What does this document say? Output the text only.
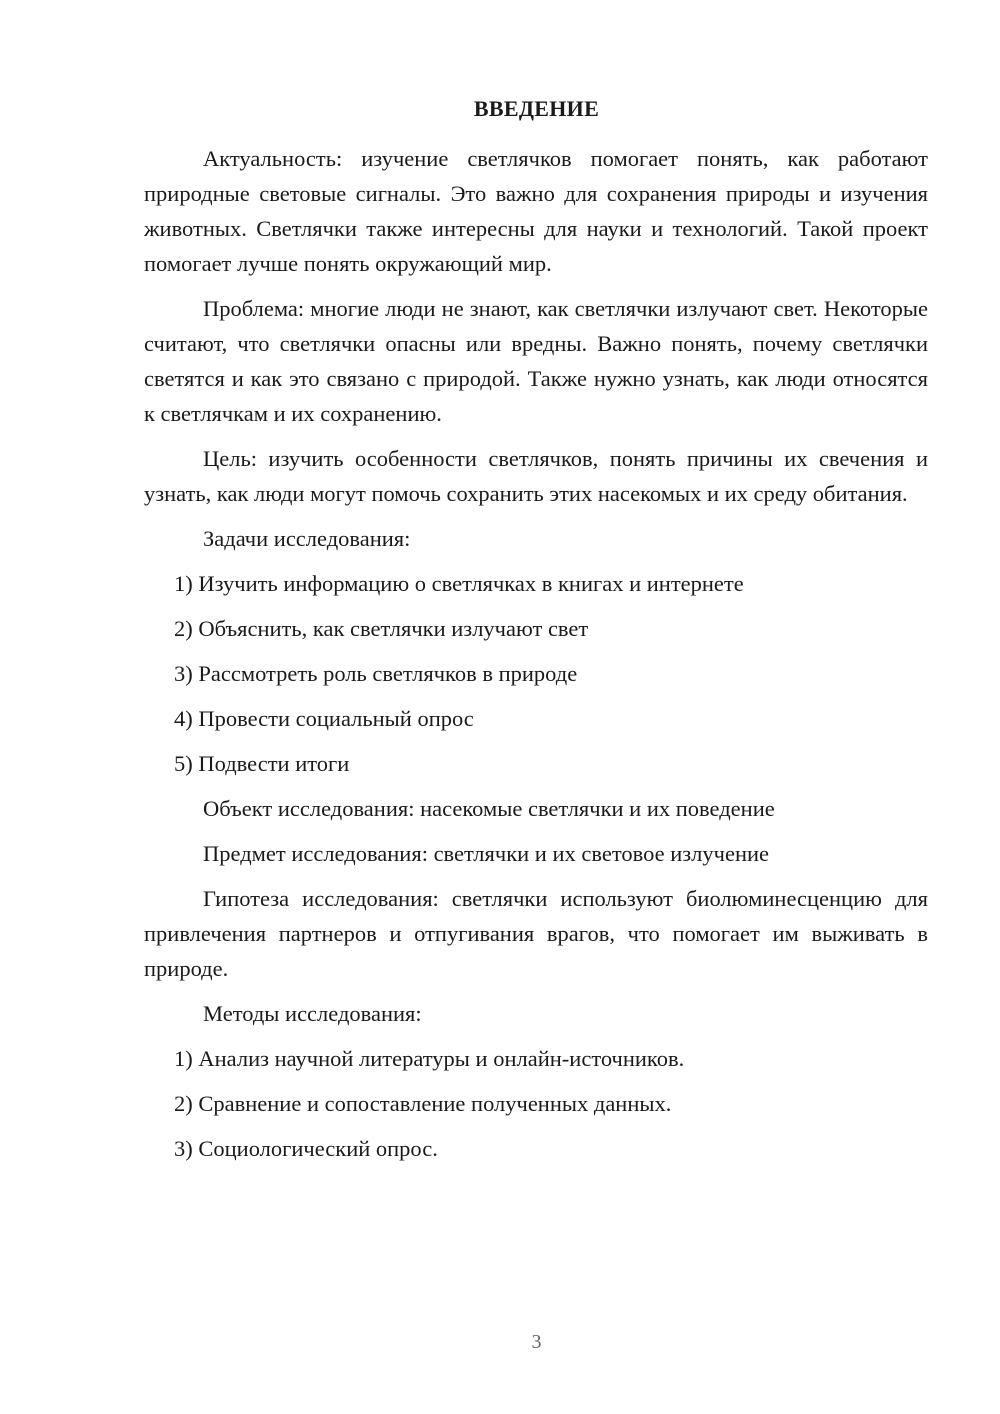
ВВЕДЕНИЕ

Актуальность: изучение светлячков помогает понять, как работают природные световые сигналы. Это важно для сохранения природы и изучения животных. Светлячки также интересны для науки и технологий. Такой проект помогает лучше понять окружающий мир.

Проблема: многие люди не знают, как светлячки излучают свет. Некоторые считают, что светлячки опасны или вредны. Важно понять, почему светлячки светятся и как это связано с природой. Также нужно узнать, как люди относятся к светлячкам и их сохранению.

Цель: изучить особенности светлячков, понять причины их свечения и узнать, как люди могут помочь сохранить этих насекомых и их среду обитания.

Задачи исследования:

1) Изучить информацию о светлячках в книгах и интернете

2) Объяснить, как светлячки излучают свет

3) Рассмотреть роль светлячков в природе

4) Провести социальный опрос

5) Подвести итоги

Объект исследования: насекомые светлячки и их поведение

Предмет исследования: светлячки и их световое излучение

Гипотеза исследования: светлячки используют биолюминесценцию для привлечения партнеров и отпугивания врагов, что помогает им выживать в природе.

Методы исследования:

1) Анализ научной литературы и онлайн-источников.

2) Сравнение и сопоставление полученных данных.

3) Социологический опрос.

3
